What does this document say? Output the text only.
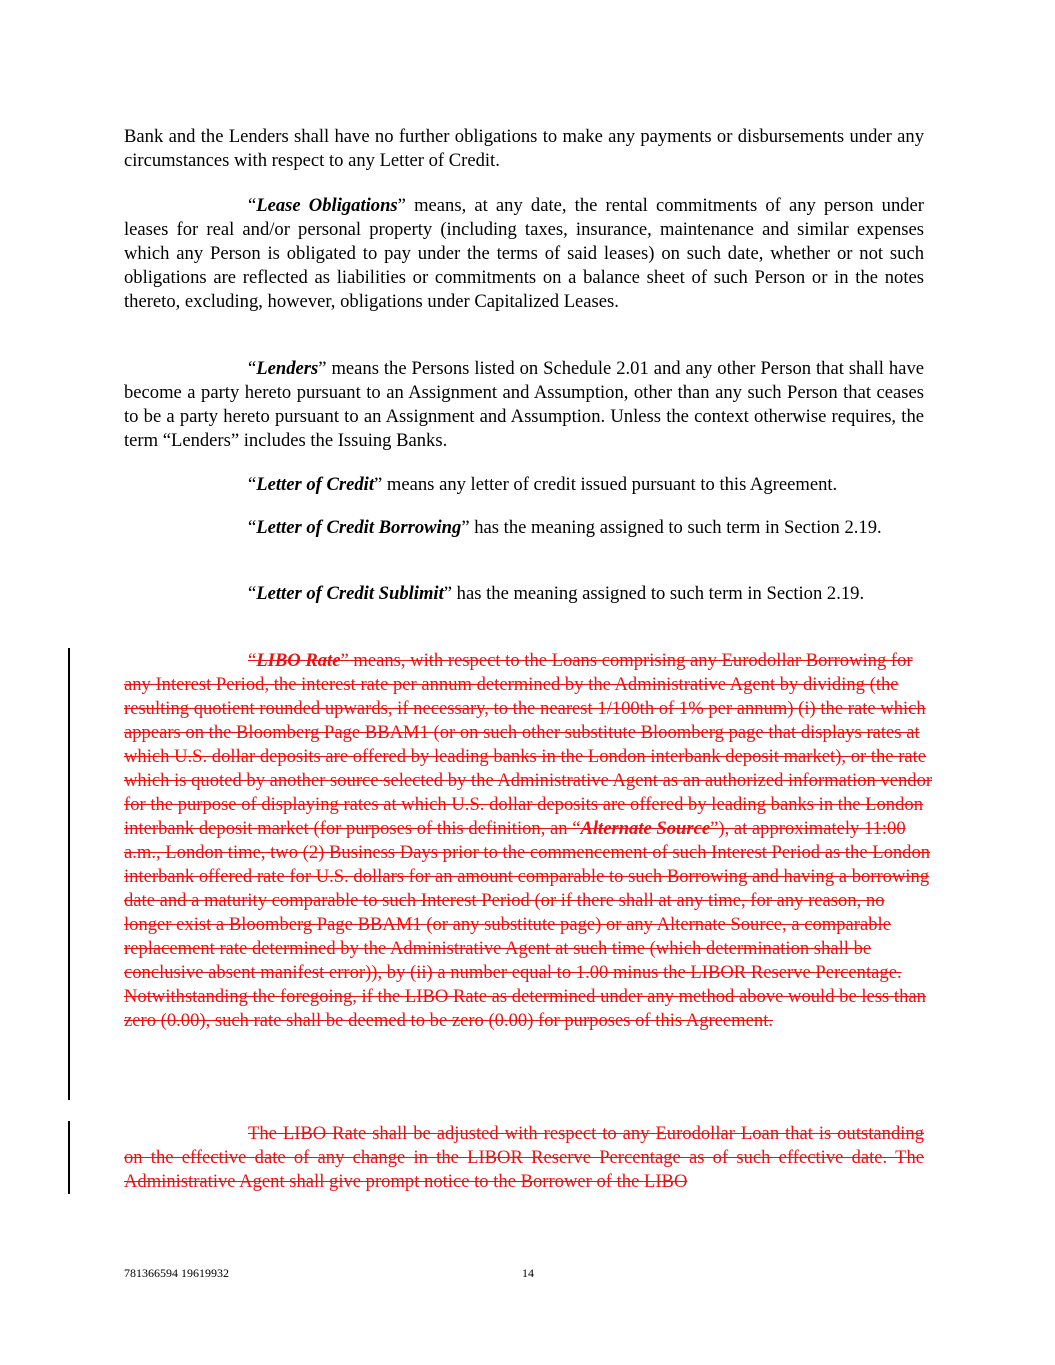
Bank and the Lenders shall have no further obligations to make any payments or disbursements under any circumstances with respect to any Letter of Credit.

“Lease Obligations” means, at any date, the rental commitments of any person under leases for real and/or personal property (including taxes, insurance, maintenance and similar expenses which any Person is obligated to pay under the terms of said leases) on such date, whether or not such obligations are reflected as liabilities or commitments on a balance sheet of such Person or in the notes thereto, excluding, however, obligations under Capitalized Leases.

“Lenders” means the Persons listed on Schedule 2.01 and any other Person that shall have become a party hereto pursuant to an Assignment and Assumption, other than any such Person that ceases to be a party hereto pursuant to an Assignment and Assumption. Unless the context otherwise requires, the term “Lenders” includes the Issuing Banks.

“Letter of Credit” means any letter of credit issued pursuant to this Agreement.

“Letter of Credit Borrowing” has the meaning assigned to such term in Section 2.19.

“Letter of Credit Sublimit” has the meaning assigned to such term in Section 2.19.

“LIBO Rate” means, with respect to the Loans comprising any Eurodollar Borrowing for any Interest Period, the interest rate per annum determined by the Administrative Agent by dividing (the resulting quotient rounded upwards, if necessary, to the nearest 1/100th of 1% per annum) (i) the rate which appears on the Bloomberg Page BBAM1 (or on such other substitute Bloomberg page that displays rates at which U.S. dollar deposits are offered by leading banks in the London interbank deposit market), or the rate which is quoted by another source selected by the Administrative Agent as an authorized information vendor for the purpose of displaying rates at which U.S. dollar deposits are offered by leading banks in the London interbank deposit market (for purposes of this definition, an “Alternate Source”), at approximately 11:00 a.m., London time, two (2) Business Days prior to the commencement of such Interest Period as the London interbank offered rate for U.S. dollars for an amount comparable to such Borrowing and having a borrowing date and a maturity comparable to such Interest Period (or if there shall at any time, for any reason, no longer exist a Bloomberg Page BBAM1 (or any substitute page) or any Alternate Source, a comparable replacement rate determined by the Administrative Agent at such time (which determination shall be conclusive absent manifest error)), by (ii) a number equal to 1.00 minus the LIBOR Reserve Percentage. Notwithstanding the foregoing, if the LIBO Rate as determined under any method above would be less than zero (0.00), such rate shall be deemed to be zero (0.00) for purposes of this Agreement.

The LIBO Rate shall be adjusted with respect to any Eurodollar Loan that is outstanding on the effective date of any change in the LIBOR Reserve Percentage as of such effective date. The Administrative Agent shall give prompt notice to the Borrower of the LIBO

781366594 19619932	14
